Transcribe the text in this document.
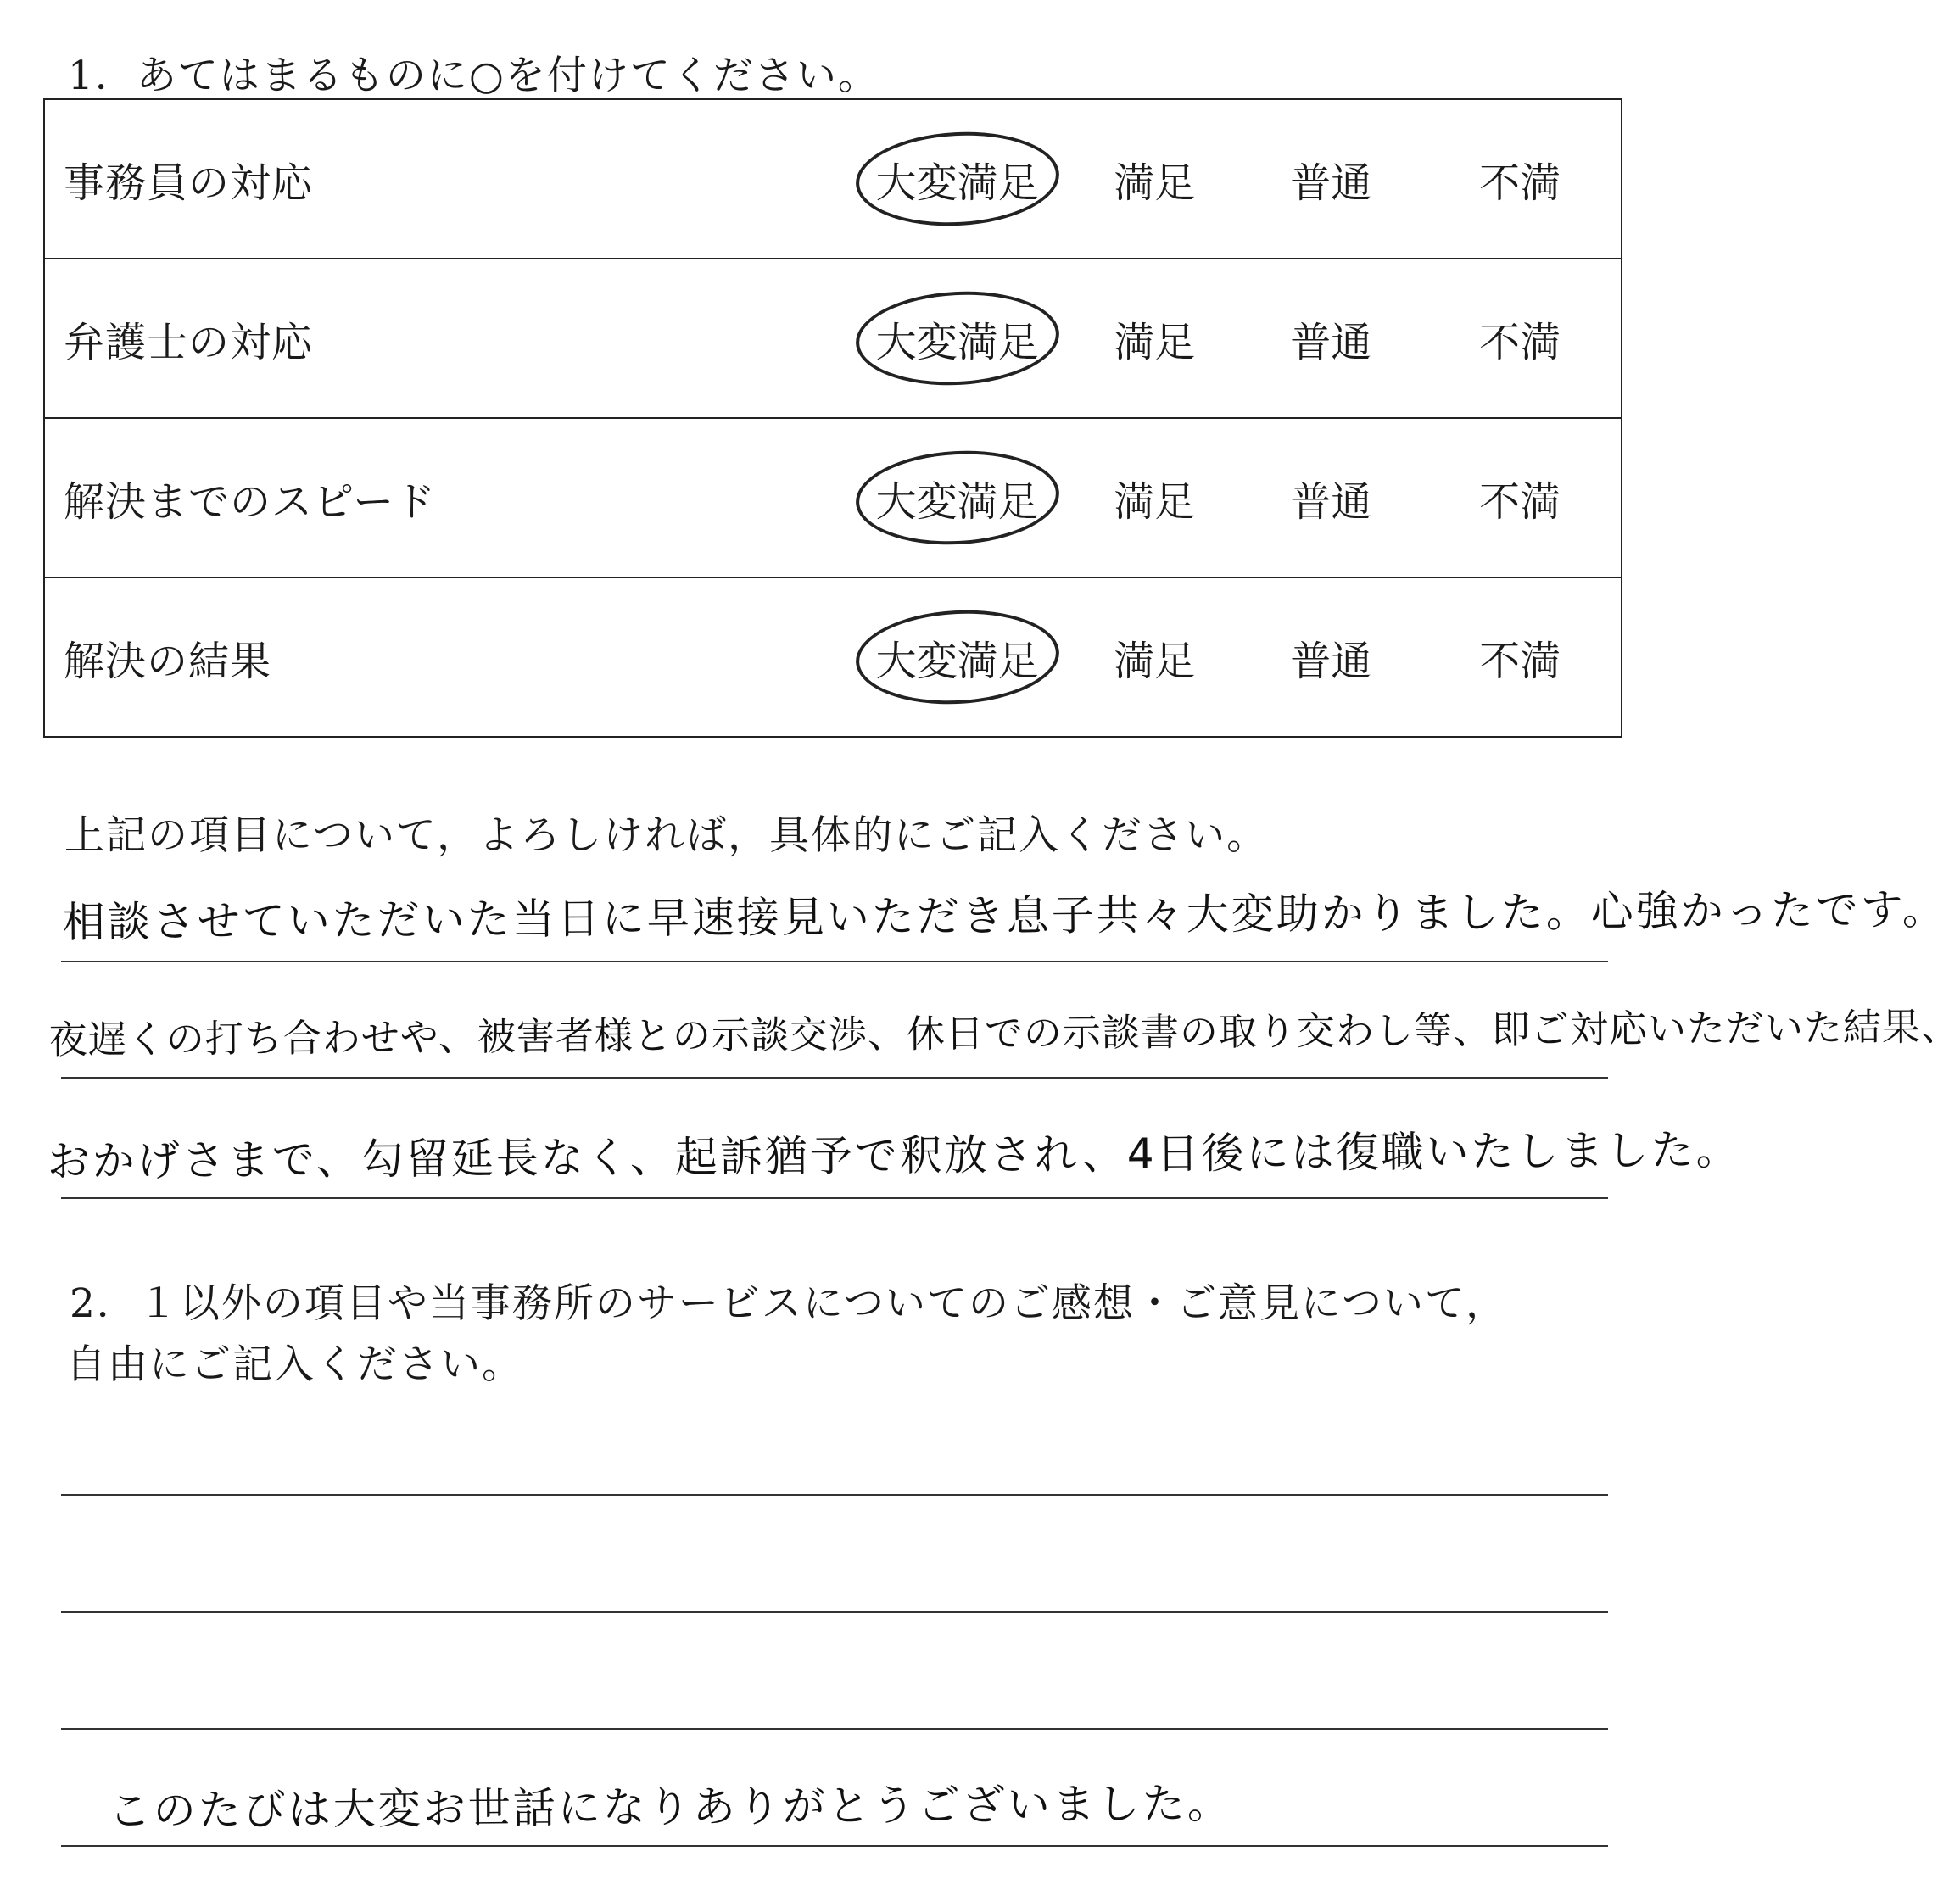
1．あてはまるものに○を付けてください。
事務員の対応	大変満足	満足	普通	不満
弁護士の対応	大変満足	満足	普通	不満
解決までのスピード	大変満足	満足	普通	不満
解決の結果	大変満足	満足	普通	不満
上記の項目について，よろしければ，具体的にご記入ください。
相談させていただいた当日に早速接見いただき息子共々大変助かりました。心強かったです。
夜遅くの打ち合わせや、被害者様との示談交渉、休日での示談書の取り交わし等、即ご対応いただいた結果、
おかげさまで、勾留延長なく、起訴猶予で釈放され、4日後には復職いたしました。
2．１以外の項目や当事務所のサービスについてのご感想・ご意見について，
自由にご記入ください。
このたびは大変お世話になりありがとうございました。
